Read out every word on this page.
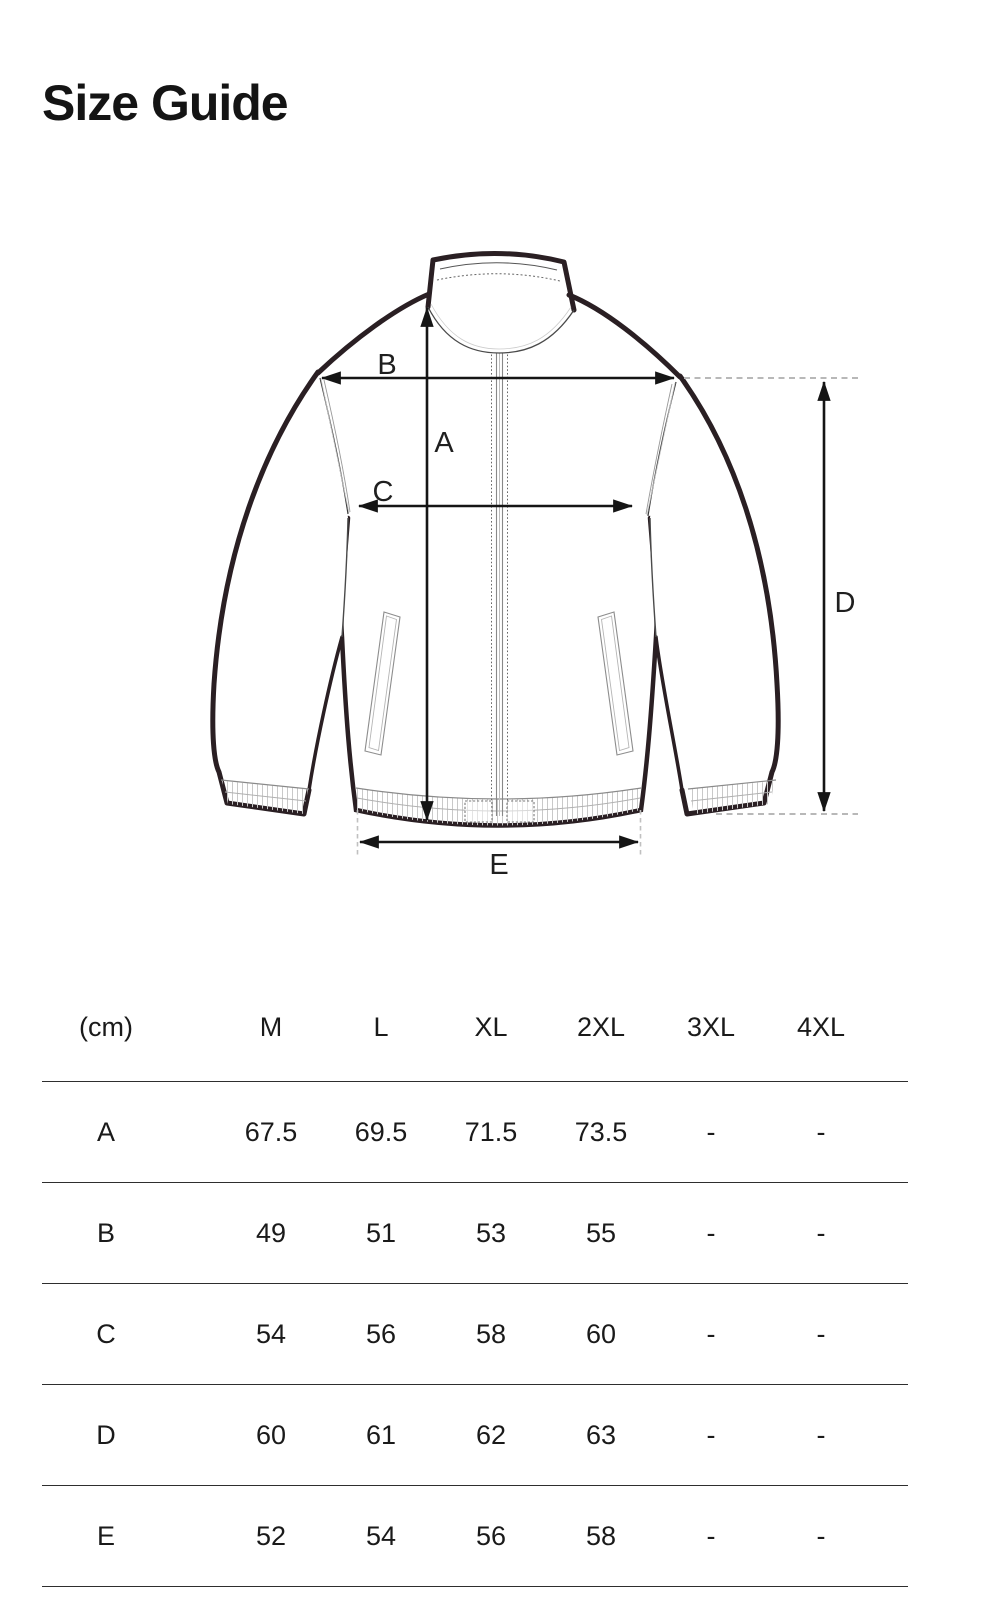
Size Guide
A
B
C
D
E
(cm)	M	L	XL	2XL	3XL	4XL
A	67.5	69.5	71.5	73.5	-	-
B	49	51	53	55	-	-
C	54	56	58	60	-	-
D	60	61	62	63	-	-
E	52	54	56	58	-	-
